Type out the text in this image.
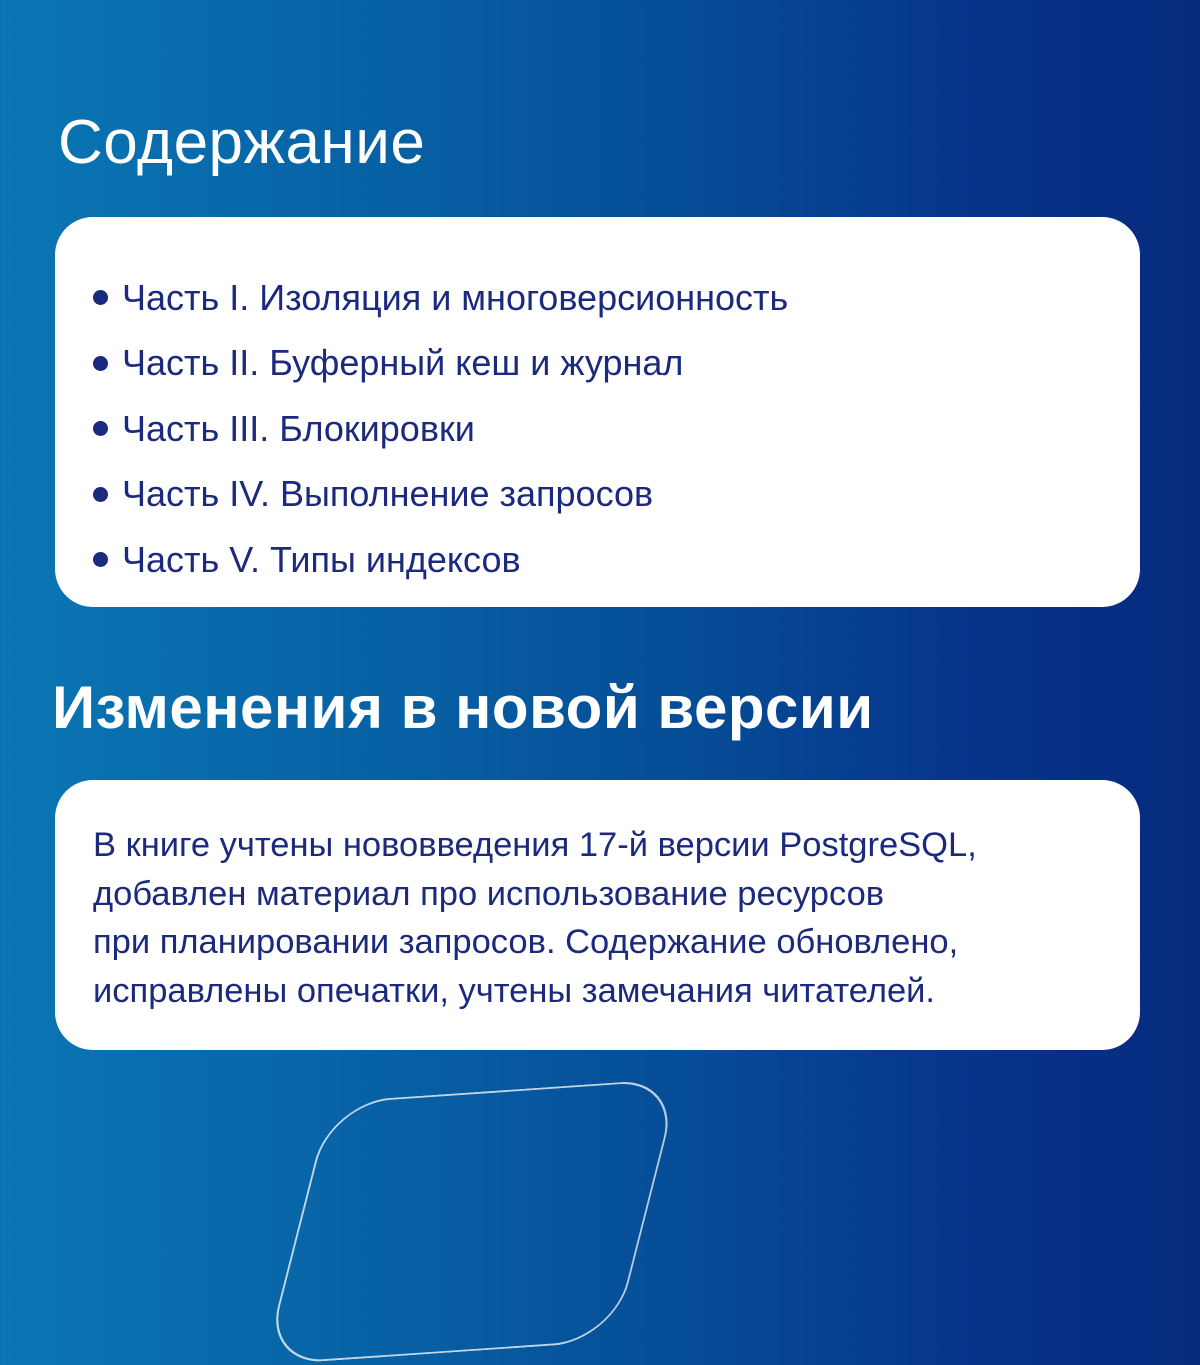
Содержание
Часть I. Изоляция и многоверсионность
Часть II. Буферный кеш и журнал
Часть III. Блокировки
Часть IV. Выполнение запросов
Часть V. Типы индексов
Изменения в новой версии

В книге учтены нововведения 17-й версии PostgreSQL,
добавлен материал про использование ресурсов
при планировании запросов. Содержание обновлено,
исправлены опечатки, учтены замечания читателей.
